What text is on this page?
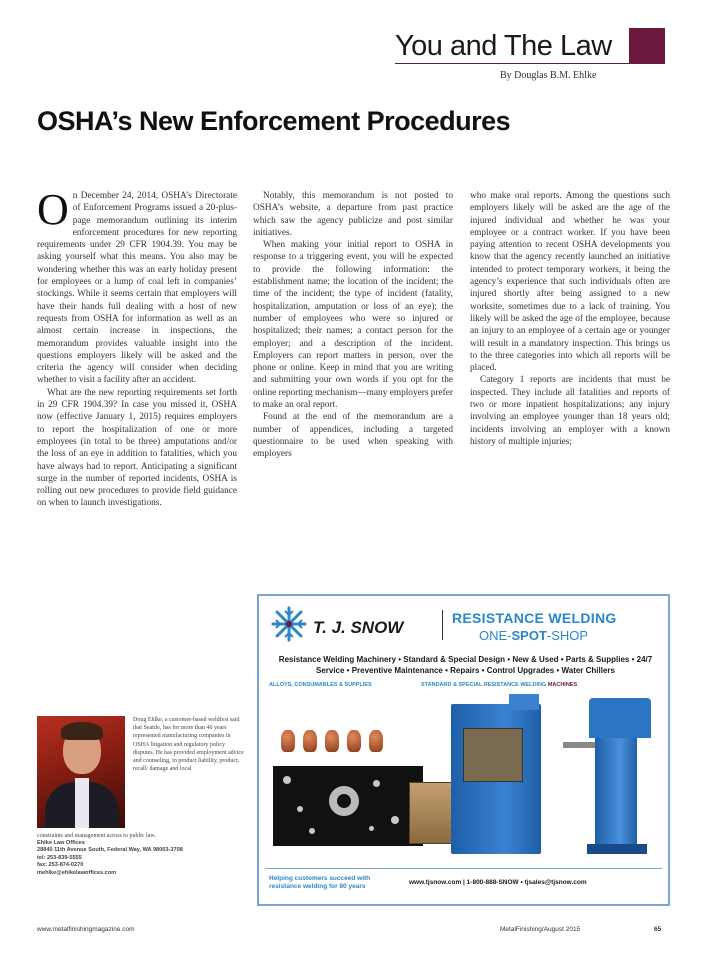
You and The Law
By Douglas B.M. Ehlke
OSHA’s New Enforcement Procedures

On December 24, 2014, OSHA’s Directorate of Enforcement Programs issued a 20-plus-page memorandum outlining its interim enforcement procedures for new reporting requirements under 29 CFR 1904.39. You may be asking yourself what this means. You also may be wondering whether this was an early holiday present for employees or a lump of coal left in companies’ stockings. While it seems certain that employers will have their hands full dealing with a host of new requests from OSHA for information as well as an almost certain increase in inspections, the memorandum provides valuable insight into the questions employers likely will be asked and the criteria the agency will consider when deciding whether to visit a facility after an accident.

What are the new reporting requirements set forth in 29 CFR 1904.39? In case you missed it, OSHA now (effective January 1, 2015) requires employers to report the hospitalization of one or more employees (in total to be three) amputations and/or the loss of an eye in addition to fatalities, which you have always had to report. Anticipating a significant surge in the number of reported incidents, OSHA is rolling out new procedures to provide field guidance on when to launch investigations.

Notably, this memorandum is not posted to OSHA’s website, a departure from past practice which saw the agency publicize and post similar initiatives.

When making your initial report to OSHA in response to a triggering event, you will be expected to provide the following information: the establishment name; the location of the incident; the time of the incident; the type of incident (fatality, hospitalization, amputation or loss of an eye); the number of employees who were so injured or hospitalized; their names; a contact person for the employer; and a description of the incident. Employers can report matters in person, over the phone or online. Keep in mind that you are writing and submitting your own words if you opt for the online reporting mechanism—many employers prefer to make an oral report.

Found at the end of the memorandum are a number of appendices, including a targeted questionnaire to be used when speaking with employers

who make oral reports. Among the questions such employers likely will be asked are the age of the injured individual and whether he was your employee or a contract worker. If you have been paying attention to recent OSHA developments you know that the agency recently launched an initiative intended to protect temporary workers, it being the agency’s experience that such individuals often are injured shortly after being assigned to a new worksite, sometimes due to a lack of training. You likely will be asked the age of the employee, because an injury to an employee of a certain age or younger will result in a mandatory inspection. This brings us to the three categories into which all reports will be placed.

Category 1 reports are incidents that must be inspected. They include all fatalities and reports of two or more inpatient hospitalizations; any injury involving an employee younger than 18 years old; incidents involving an employer with a known history of multiple injuries;

Doug Ehlke, a customer-based weldfest said that Seattle, has for more than 40 years represented manufacturing companies in OSHA litigation and regulatory policy disputes. He has provided employment advice and counseling, in product liability, product, recall/ damage and local
constraints and management across to public law.
Ehlke Law Offices
28840 11th Avenue South, Federal Way, WA 98003-3708
tel: 253-839-5555
fax: 253-874-0270
mehlke@ehlkelawoffices.com
T. J. SNOW	RESISTANCE WELDING
ONE-SPOT-SHOP
Resistance Welding Machinery • Standard & Special Design • New & Used • Parts & Supplies • 24/7 Service • Preventive Maintenance • Repairs • Control Upgrades • Water Chillers
ALLOYS, CONSUMABLES & SUPPLIES	STANDARD & SPECIAL RESISTANCE WELDING MACHINES
Helping customers succeed with resistance welding for 80 years
www.tjsnow.com | 1-800-888-SNOW • tjsales@tjsnow.com
www.metalfinishingmagazine.com	MetalFinishing/August 2015	65
